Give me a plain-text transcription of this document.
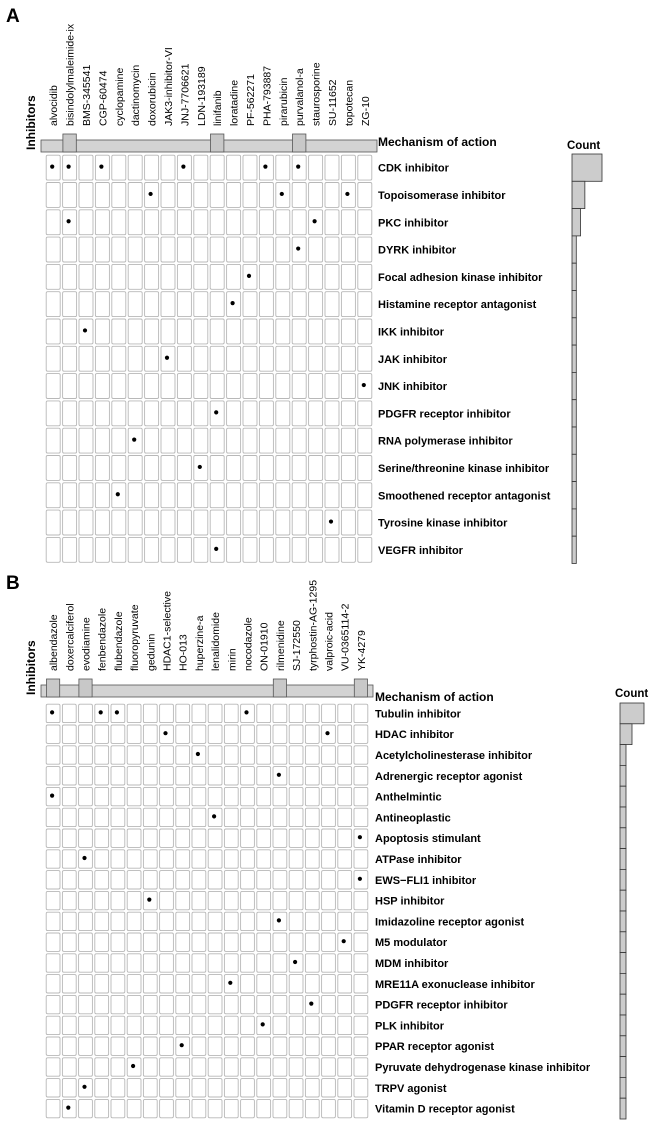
A
Inhibitors alvocidib bisindolylmaleimide-ix BMS-345541 CGP-60474 cyclopamine dactinomycin doxorubicin JAK3-inhibitor-VI JNJ-7706621 LDN-193189 linifanib loratadine PF-562271 PHA-793887 pirarubicin purvalanol-a staurosporine SU-11652 topotecan ZG-10
Mechanism of action
CDK inhibitor
Topoisomerase inhibitor
PKC inhibitor
DYRK inhibitor
Focal adhesion kinase inhibitor
Histamine receptor antagonist
IKK inhibitor
JAK inhibitor
JNK inhibitor
PDGFR receptor inhibitor
RNA polymerase inhibitor
Serine/threonine kinase inhibitor
Smoothened receptor antagonist
Tyrosine kinase inhibitor
VEGFR inhibitor
Count
B
Inhibitors albendazole doxercalciferol evodiamine fenbendazole flubendazole fluoropyruvate gedunin HDAC1-selective HO-013 huperzine-a lenalidomide mirin nocodazole ON-01910 rilmenidine SJ-172550 tyrphostin-AG-1295 valproic-acid VU-0365114-2 YK-4279
Mechanism of action
Tubulin inhibitor
HDAC inhibitor
Acetylcholinesterase inhibitor
Adrenergic receptor agonist
Anthelmintic
Antineoplastic
Apoptosis stimulant
ATPase inhibitor
EWS−FLI1 inhibitor
HSP inhibitor
Imidazoline receptor agonist
M5 modulator
MDM inhibitor
MRE11A exonuclease inhibitor
PDGFR receptor inhibitor
PLK inhibitor
PPAR receptor agonist
Pyruvate dehydrogenase kinase inhibitor
TRPV agonist
Vitamin D receptor agonist
Count
